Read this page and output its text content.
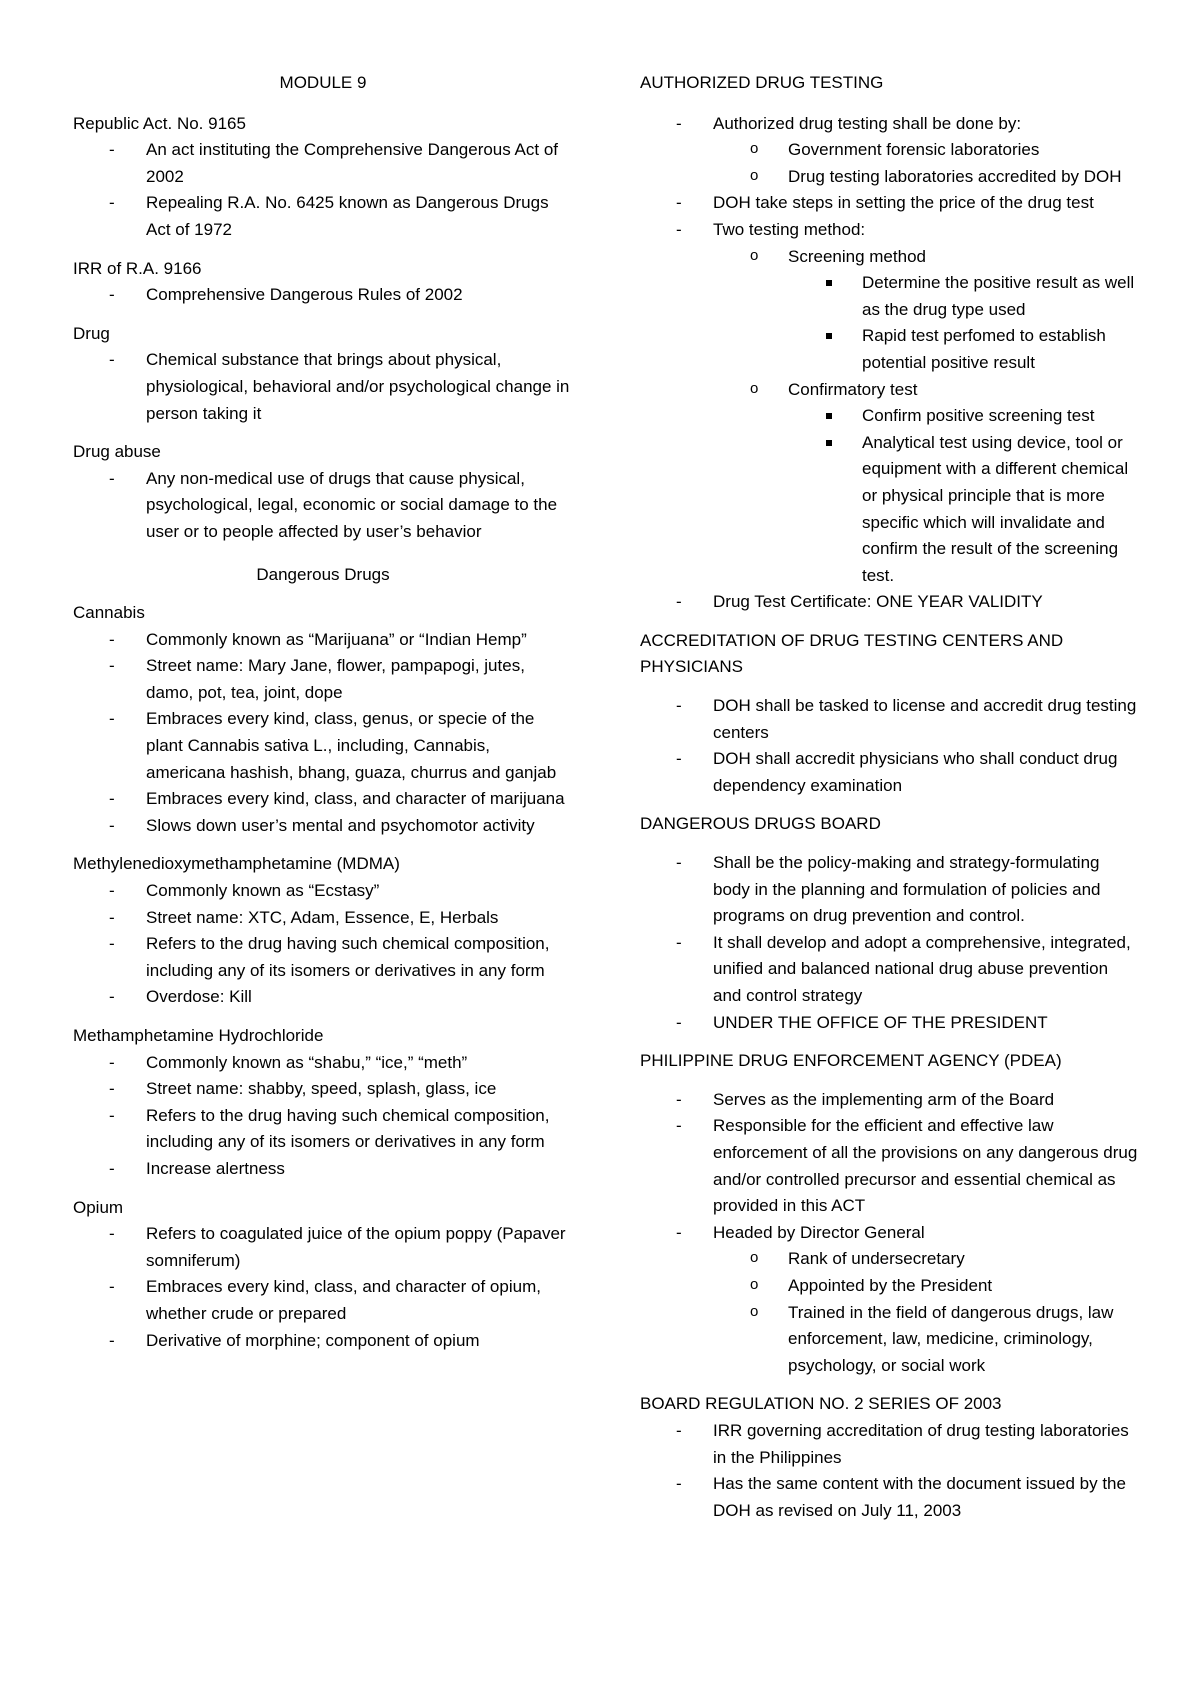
MODULE 9
Republic Act. No. 9165
- An act instituting the Comprehensive Dangerous Act of 2002
- Repealing R.A. No. 6425 known as Dangerous Drugs Act of 1972
IRR of R.A. 9166
- Comprehensive Dangerous Rules of 2002
Drug
- Chemical substance that brings about physical, physiological, behavioral and/or psychological change in person taking it
Drug abuse
- Any non-medical use of drugs that cause physical, psychological, legal, economic or social damage to the user or to people affected by user’s behavior
Dangerous Drugs
Cannabis
- Commonly known as “Marijuana” or “Indian Hemp”
- Street name: Mary Jane, flower, pampapogi, jutes, damo, pot, tea, joint, dope
- Embraces every kind, class, genus, or specie of the plant Cannabis sativa L., including, Cannabis, americana hashish, bhang, guaza, churrus and ganjab
- Embraces every kind, class, and character of marijuana
- Slows down user’s mental and psychomotor activity
Methylenedioxymethamphetamine (MDMA)
- Commonly known as “Ecstasy”
- Street name: XTC, Adam, Essence, E, Herbals
- Refers to the drug having such chemical composition, including any of its isomers or derivatives in any form
- Overdose: Kill
Methamphetamine Hydrochloride
- Commonly known as “shabu,” “ice,” “meth”
- Street name: shabby, speed, splash, glass, ice
- Refers to the drug having such chemical composition, including any of its isomers or derivatives in any form
- Increase alertness
Opium
- Refers to coagulated juice of the opium poppy (Papaver somniferum)
- Embraces every kind, class, and character of opium, whether crude or prepared
- Derivative of morphine; component of opium
AUTHORIZED DRUG TESTING
- Authorized drug testing shall be done by:
o Government forensic laboratories
o Drug testing laboratories accredited by DOH
- DOH take steps in setting the price of the drug test
- Two testing method:
o Screening method
Determine the positive result as well as the drug type used
Rapid test perfomed to establish potential positive result
o Confirmatory test
Confirm positive screening test
Analytical test using device, tool or equipment with a different chemical or physical principle that is more specific which will invalidate and confirm the result of the screening test.
- Drug Test Certificate: ONE YEAR VALIDITY
ACCREDITATION OF DRUG TESTING CENTERS AND PHYSICIANS
- DOH shall be tasked to license and accredit drug testing centers
- DOH shall accredit physicians who shall conduct drug dependency examination
DANGEROUS DRUGS BOARD
- Shall be the policy-making and strategy-formulating body in the planning and formulation of policies and programs on drug prevention and control.
- It shall develop and adopt a comprehensive, integrated, unified and balanced national drug abuse prevention and control strategy
- UNDER THE OFFICE OF THE PRESIDENT
PHILIPPINE DRUG ENFORCEMENT AGENCY (PDEA)
- Serves as the implementing arm of the Board
- Responsible for the efficient and effective law enforcement of all the provisions on any dangerous drug and/or controlled precursor and essential chemical as provided in this ACT
- Headed by Director General
o Rank of undersecretary
o Appointed by the President
o Trained in the field of dangerous drugs, law enforcement, law, medicine, criminology, psychology, or social work
BOARD REGULATION NO. 2 SERIES OF 2003
- IRR governing accreditation of drug testing laboratories in the Philippines
- Has the same content with the document issued by the DOH as revised on July 11, 2003
